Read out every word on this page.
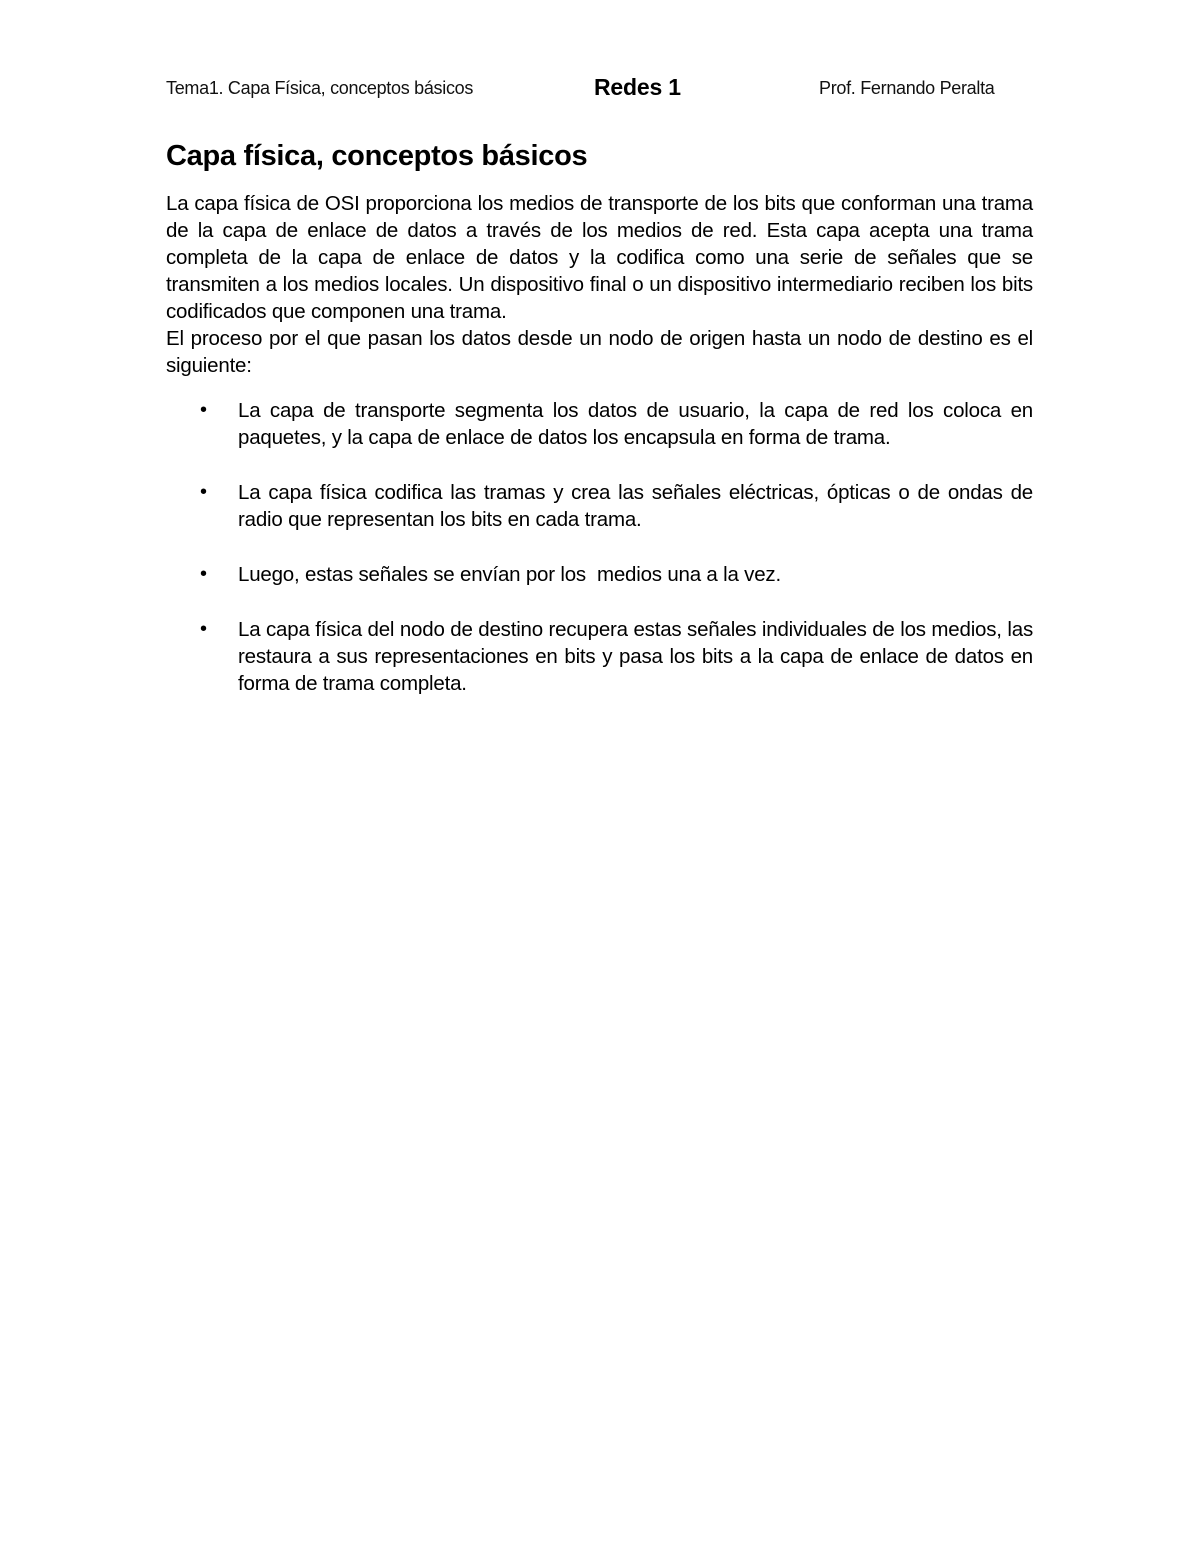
Tema1. Capa Física, conceptos básicos	Redes 1	Prof. Fernando Peralta
Capa física, conceptos básicos

La capa física de OSI proporciona los medios de transporte de los bits que conforman una trama de la capa de enlace de datos a través de los medios de red. Esta capa acepta una trama completa de la capa de enlace de datos y la codifica como una serie de señales que se transmiten a los medios locales. Un dispositivo final o un dispositivo intermediario reciben los bits codificados que componen una trama.

El proceso por el que pasan los datos desde un nodo de origen hasta un nodo de destino es el siguiente:

• La capa de transporte segmenta los datos de usuario, la capa de red los coloca en paquetes, y la capa de enlace de datos los encapsula en forma de trama.
• La capa física codifica las tramas y crea las señales eléctricas, ópticas o de ondas de radio que representan los bits en cada trama.
• Luego, estas señales se envían por los  medios una a la vez.
• La capa física del nodo de destino recupera estas señales individuales de los medios, las restaura a sus representaciones en bits y pasa los bits a la capa de enlace de datos en forma de trama completa.
